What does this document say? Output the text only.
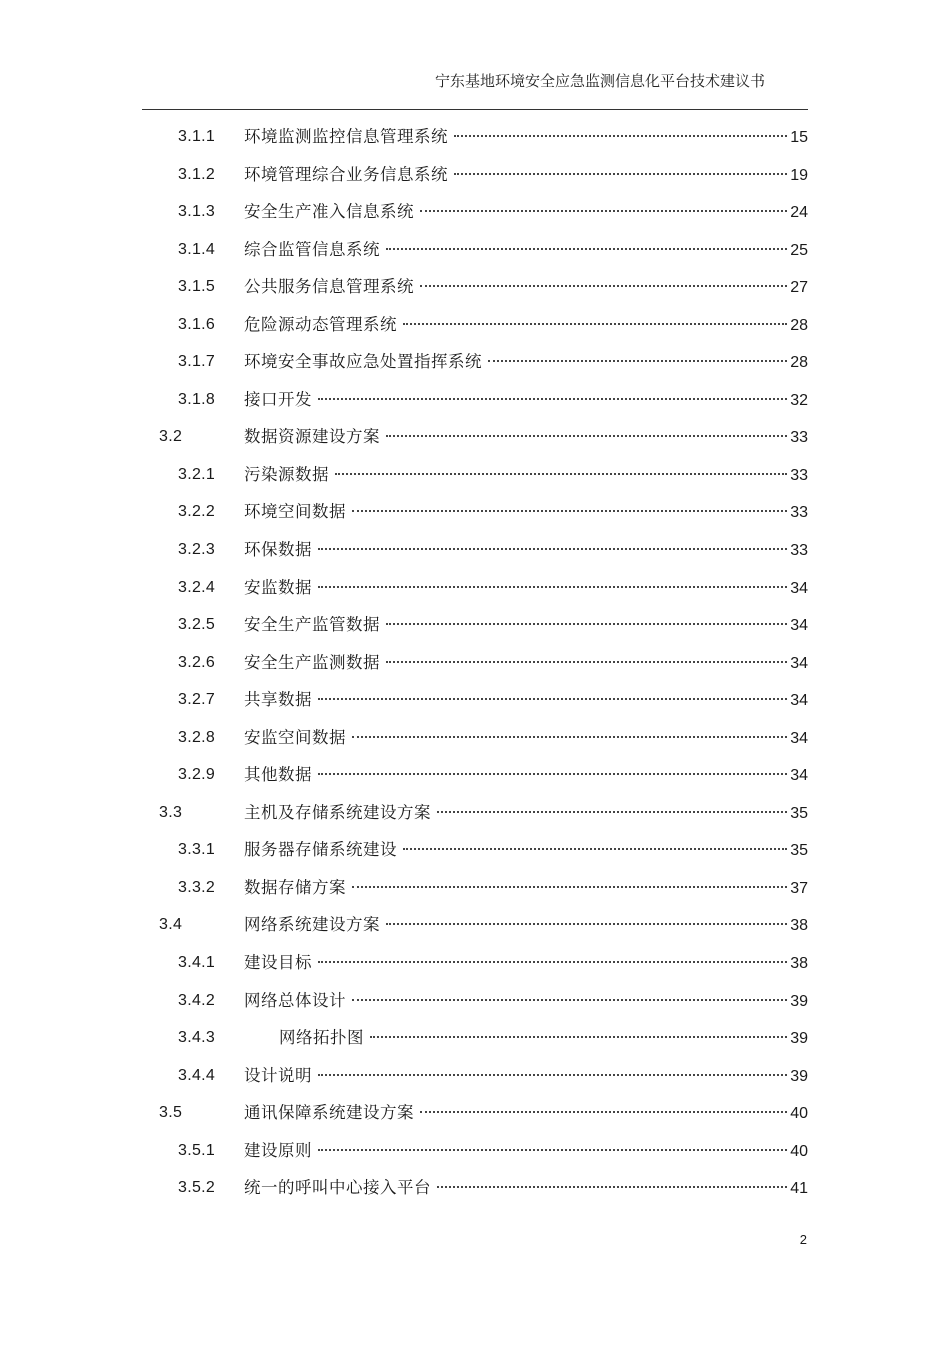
宁东基地环境安全应急监测信息化平台技术建议书
3.1.1 环境监测监控信息管理系统	15
3.1.2 环境管理综合业务信息系统	19
3.1.3 安全生产准入信息系统	24
3.1.4 综合监管信息系统	25
3.1.5 公共服务信息管理系统	27
3.1.6 危险源动态管理系统	28
3.1.7 环境安全事故应急处置指挥系统	28
3.1.8 接口开发	32
3.2	数据资源建设方案	33
3.2.1 污染源数据	33
3.2.2 环境空间数据	33
3.2.3 环保数据	33
3.2.4 安监数据	34
3.2.5 安全生产监管数据	34
3.2.6 安全生产监测数据	34
3.2.7 共享数据	34
3.2.8 安监空间数据	34
3.2.9 其他数据	34
3.3	主机及存储系统建设方案	35
3.3.1 服务器存储系统建设	35
3.3.2 数据存储方案	37
3.4	网络系统建设方案	38
3.4.1 建设目标	38
3.4.2 网络总体设计	39
3.4.3	网络拓扑图	39
3.4.4 设计说明	39
3.5	通讯保障系统建设方案	40
3.5.1 建设原则	40
3.5.2 统一的呼叫中心接入平台	41
2
